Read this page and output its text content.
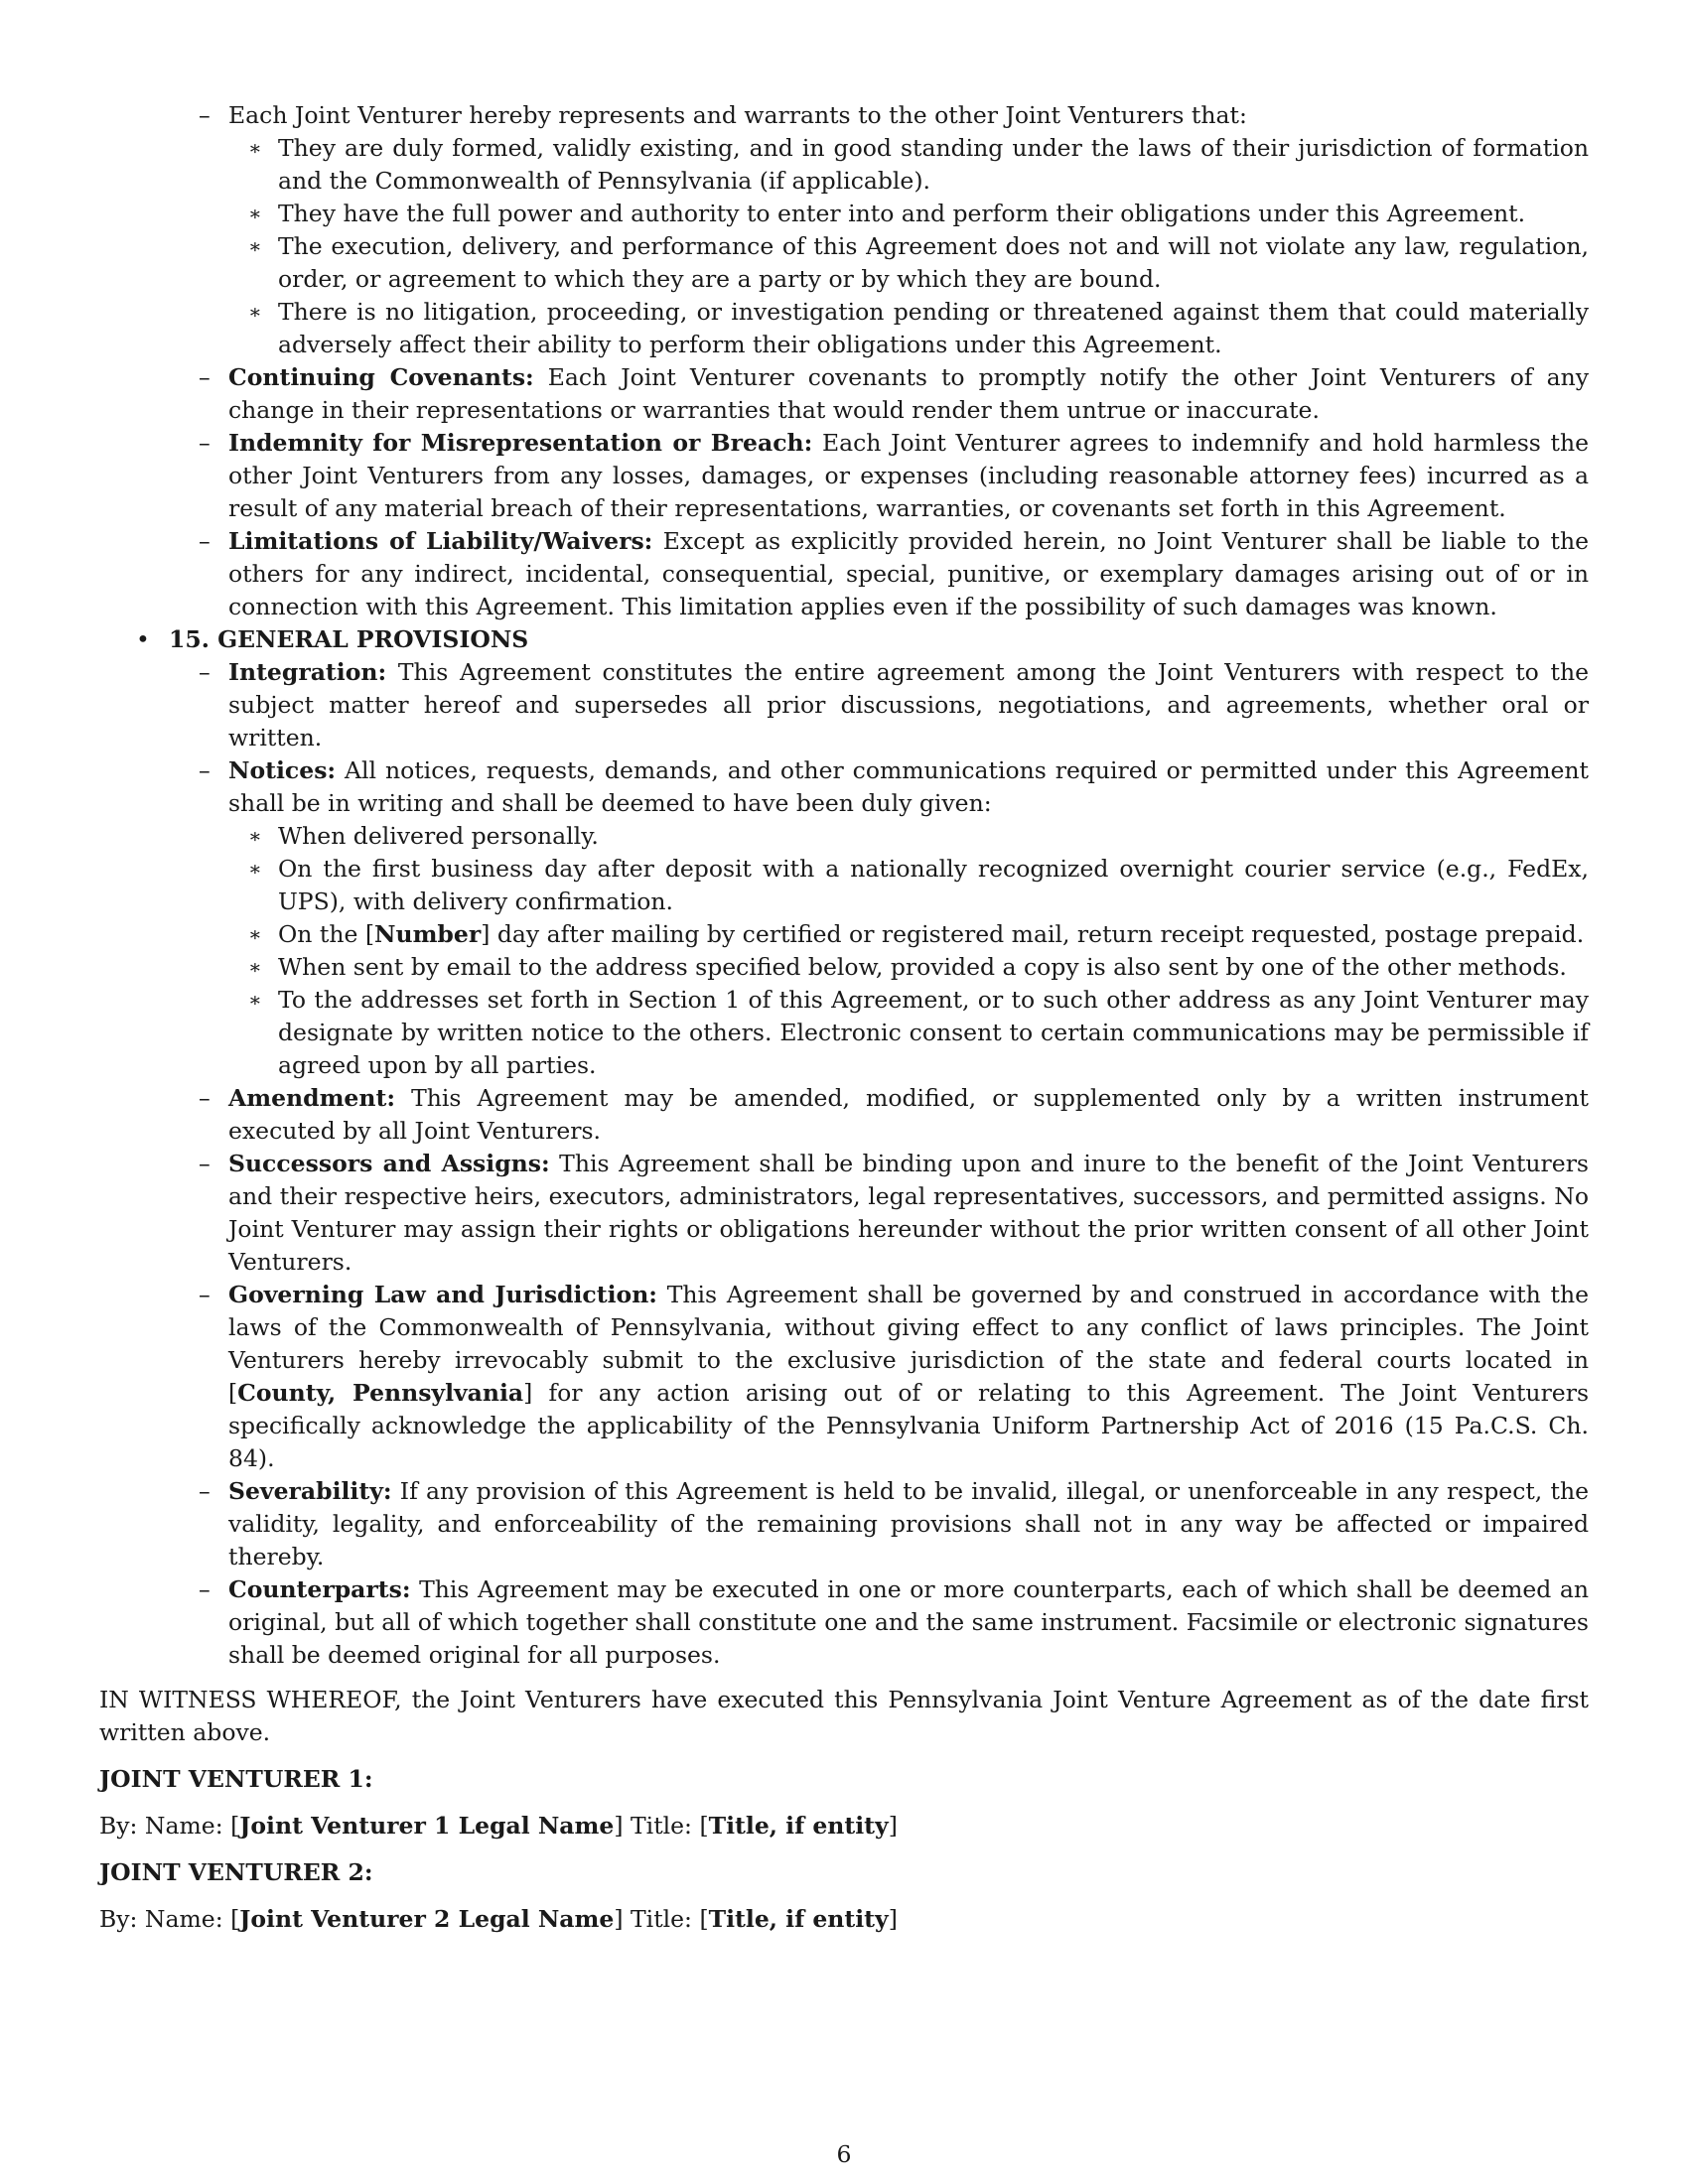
– Each Joint Venturer hereby represents and warrants to the other Joint Venturers that:
∗ They are duly formed, validly existing, and in good standing under the laws of their jurisdiction of formation and the Commonwealth of Pennsylvania (if applicable).
∗ They have the full power and authority to enter into and perform their obligations under this Agreement.
∗ The execution, delivery, and performance of this Agreement does not and will not violate any law, regulation, order, or agreement to which they are a party or by which they are bound.
∗ There is no litigation, proceeding, or investigation pending or threatened against them that could materially adversely affect their ability to perform their obligations under this Agreement.
– Continuing Covenants: Each Joint Venturer covenants to promptly notify the other Joint Venturers of any change in their representations or warranties that would render them untrue or inaccurate.
– Indemnity for Misrepresentation or Breach: Each Joint Venturer agrees to indemnify and hold harmless the other Joint Venturers from any losses, damages, or expenses (including reasonable attorney fees) incurred as a result of any material breach of their representations, warranties, or covenants set forth in this Agreement.
– Limitations of Liability/Waivers: Except as explicitly provided herein, no Joint Venturer shall be liable to the others for any indirect, incidental, consequential, special, punitive, or exemplary damages arising out of or in connection with this Agreement. This limitation applies even if the possibility of such damages was known.
• 15. GENERAL PROVISIONS
– Integration: This Agreement constitutes the entire agreement among the Joint Venturers with respect to the subject matter hereof and supersedes all prior discussions, negotiations, and agreements, whether oral or written.
– Notices: All notices, requests, demands, and other communications required or permitted under this Agreement shall be in writing and shall be deemed to have been duly given:
∗ When delivered personally.
∗ On the first business day after deposit with a nationally recognized overnight courier service (e.g., FedEx, UPS), with delivery confirmation.
∗ On the [Number] day after mailing by certified or registered mail, return receipt requested, postage prepaid.
∗ When sent by email to the address specified below, provided a copy is also sent by one of the other methods.
∗ To the addresses set forth in Section 1 of this Agreement, or to such other address as any Joint Venturer may designate by written notice to the others. Electronic consent to certain communications may be permissible if agreed upon by all parties.
– Amendment: This Agreement may be amended, modified, or supplemented only by a written instrument executed by all Joint Venturers.
– Successors and Assigns: This Agreement shall be binding upon and inure to the benefit of the Joint Venturers and their respective heirs, executors, administrators, legal representatives, successors, and permitted assigns. No Joint Venturer may assign their rights or obligations hereunder without the prior written consent of all other Joint Venturers.
– Governing Law and Jurisdiction: This Agreement shall be governed by and construed in accordance with the laws of the Commonwealth of Pennsylvania, without giving effect to any conflict of laws principles. The Joint Venturers hereby irrevocably submit to the exclusive jurisdiction of the state and federal courts located in [County, Pennsylvania] for any action arising out of or relating to this Agreement. The Joint Venturers specifically acknowledge the applicability of the Pennsylvania Uniform Partnership Act of 2016 (15 Pa.C.S. Ch. 84).
– Severability: If any provision of this Agreement is held to be invalid, illegal, or unenforceable in any respect, the validity, legality, and enforceability of the remaining provisions shall not in any way be affected or impaired thereby.
– Counterparts: This Agreement may be executed in one or more counterparts, each of which shall be deemed an original, but all of which together shall constitute one and the same instrument. Facsimile or electronic signatures shall be deemed original for all purposes.

IN WITNESS WHEREOF, the Joint Venturers have executed this Pennsylvania Joint Venture Agreement as of the date first written above.

JOINT VENTURER 1:

By: Name: [Joint Venturer 1 Legal Name] Title: [Title, if entity]

JOINT VENTURER 2:

By: Name: [Joint Venturer 2 Legal Name] Title: [Title, if entity]

6
